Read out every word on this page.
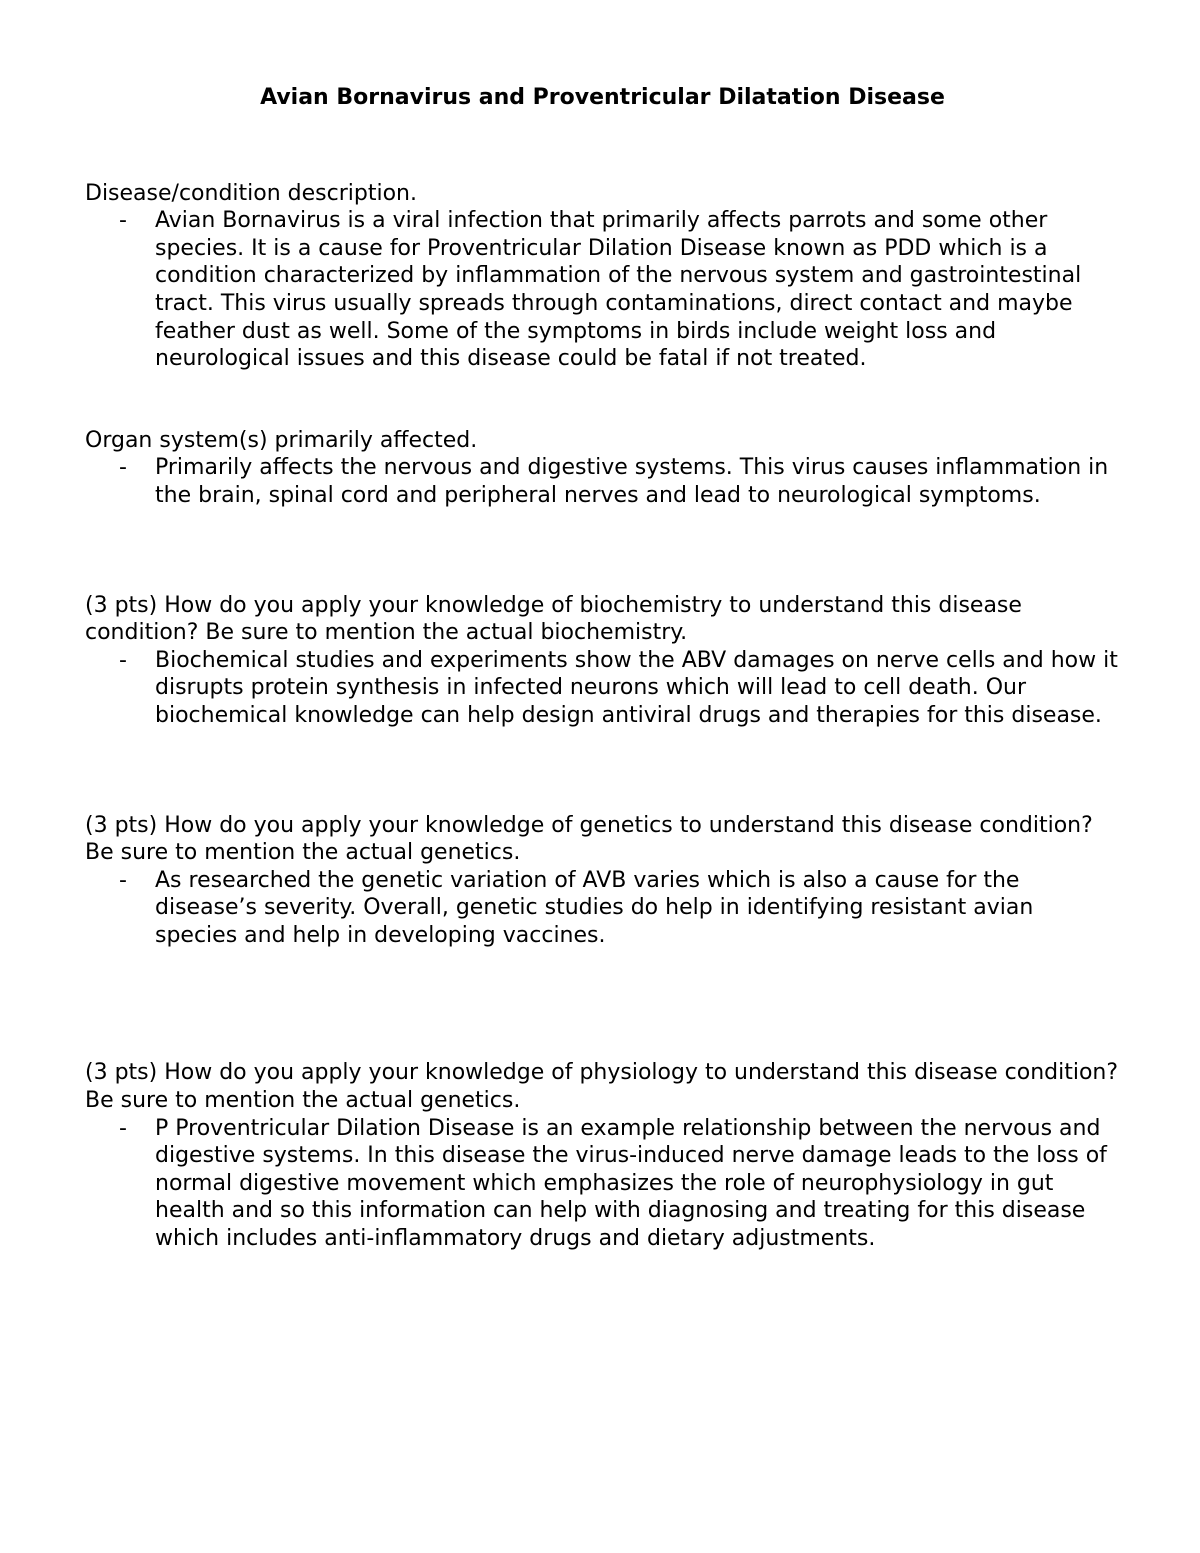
Avian Bornavirus and Proventricular Dilatation Disease
Disease/condition description.
-	Avian Bornavirus is a viral infection that primarily affects parrots and some other species. It is a cause for Proventricular Dilation Disease known as PDD which is a condition characterized by inflammation of the nervous system and gastrointestinal tract. This virus usually spreads through contaminations, direct contact and maybe feather dust as well. Some of the symptoms in birds include weight loss and neurological issues and this disease could be fatal if not treated.
Organ system(s) primarily affected.
-	Primarily affects the nervous and digestive systems. This virus causes inflammation in the brain, spinal cord and peripheral nerves and lead to neurological symptoms.
(3 pts) How do you apply your knowledge of biochemistry to understand this disease condition? Be sure to mention the actual biochemistry.
-	Biochemical studies and experiments show the ABV damages on nerve cells and how it disrupts protein synthesis in infected neurons which will lead to cell death. Our biochemical knowledge can help design antiviral drugs and therapies for this disease.
(3 pts) How do you apply your knowledge of genetics to understand this disease condition? Be sure to mention the actual genetics.
-	As researched the genetic variation of AVB varies which is also a cause for the disease’s severity. Overall, genetic studies do help in identifying resistant avian species and help in developing vaccines.
(3 pts) How do you apply your knowledge of physiology to understand this disease condition? Be sure to mention the actual genetics.
-	P Proventricular Dilation Disease is an example relationship between the nervous and digestive systems. In this disease the virus-induced nerve damage leads to the loss of normal digestive movement which emphasizes the role of neurophysiology in gut health and so this information can help with diagnosing and treating for this disease which includes anti-inflammatory drugs and dietary adjustments.
